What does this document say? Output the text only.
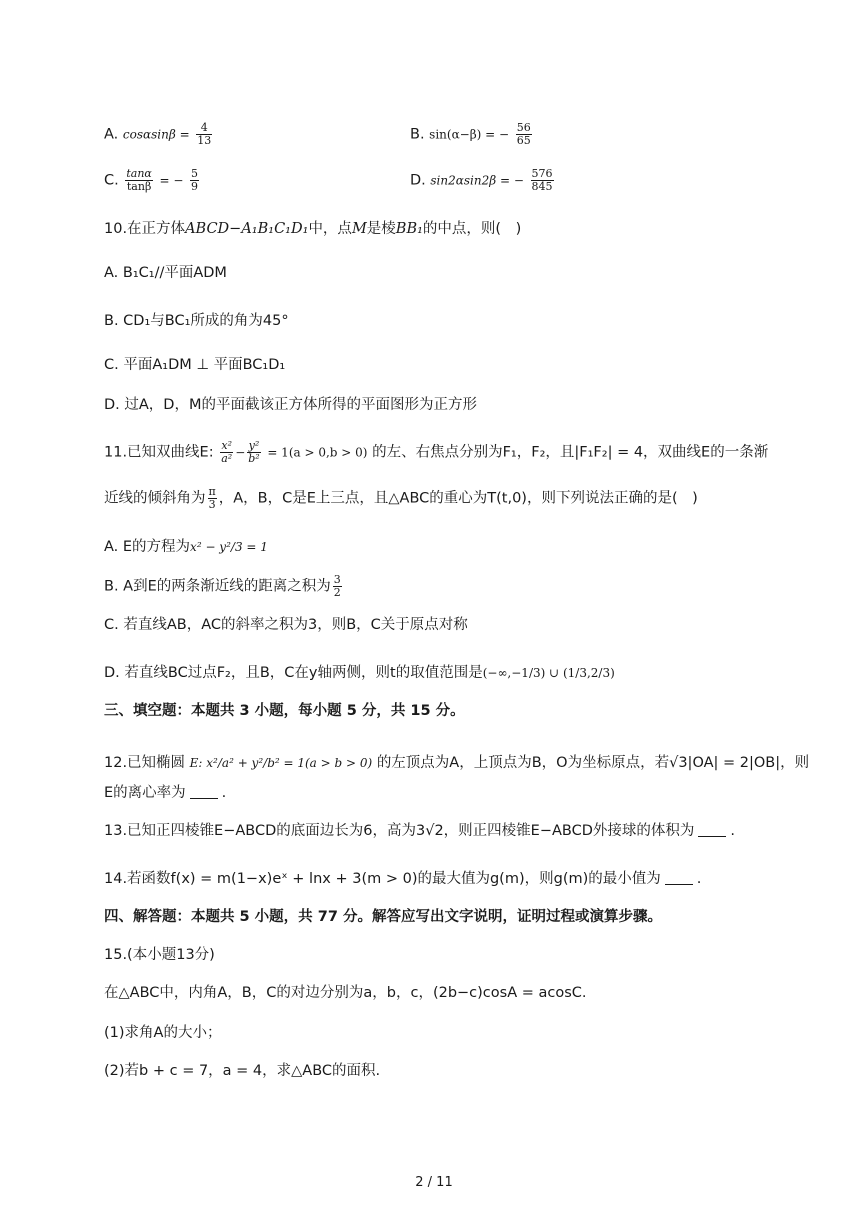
A. $\cos\alpha\sin\beta = \frac{4}{13}$	B. sin(α−β) = − $\frac{56}{65}$
C. $\frac{\tan\alpha}{\tan\beta}$ = − $\frac{5}{9}$	D. sin2αsin2β = − $\frac{576}{845}$
10.在正方体ABCD−A₁B₁C₁D₁中，点M是棱BB₁的中点，则(　)
A. B₁C₁//平面ADM
B. CD₁与BC₁所成的角为45°
C. 平面A₁DM ⊥ 平面BC₁D₁
D. 过A，D，M的平面截该正方体所得的平面图形为正方形
11.已知双曲线E: $\frac{\text{x²}}{\text{a²}} - \frac{\text{y²}}{\text{b²}} = 1(a > 0,b > 0)$ 的左、右焦点分别为F₁，F₂，且|F₁F₂| = 4，双曲线E的一条渐
近线的倾斜角为 $\frac{\pi}{3}$ ，A，B，C是E上三点，且△ABC的重心为T(t,0)，则下列说法正确的是(　)
A. E的方程为x² − y²/3 = 1
B. A到E的两条渐近线的距离之积为 $\frac{3}{2}$
C. 若直线AB，AC的斜率之积为3，则B，C关于原点对称
D. 若直线BC过点F₂，且B，C在y轴两侧，则t的取值范围是(−∞,−1/3) ∪ (1/3,2/3)
三、填空题：本题共 3 小题，每小题 5 分，共 15 分。
12.已知椭圆 E: x²/a² + y²/b² = 1(a > b > 0) 的左顶点为A，上顶点为B，O为坐标原点，若√3|OA| = 2|OB|，则
E的离心率为 .
13.已知正四棱锥E−ABCD的底面边长为6，高为3√2，则正四棱锥E−ABCD外接球的体积为 .
14.若函数f(x) = m(1−x)eˣ + lnx + 3(m > 0)的最大值为g(m)，则g(m)的最小值为 .
四、解答题：本题共 5 小题，共 77 分。解答应写出文字说明，证明过程或演算步骤。
15.(本小题13分)
在△ABC中，内角A，B，C的对边分别为a，b，c，(2b−c)cosA = acosC.
(1)求角A的大小；
(2)若b + c = 7，a = 4，求△ABC的面积.
2 / 11
